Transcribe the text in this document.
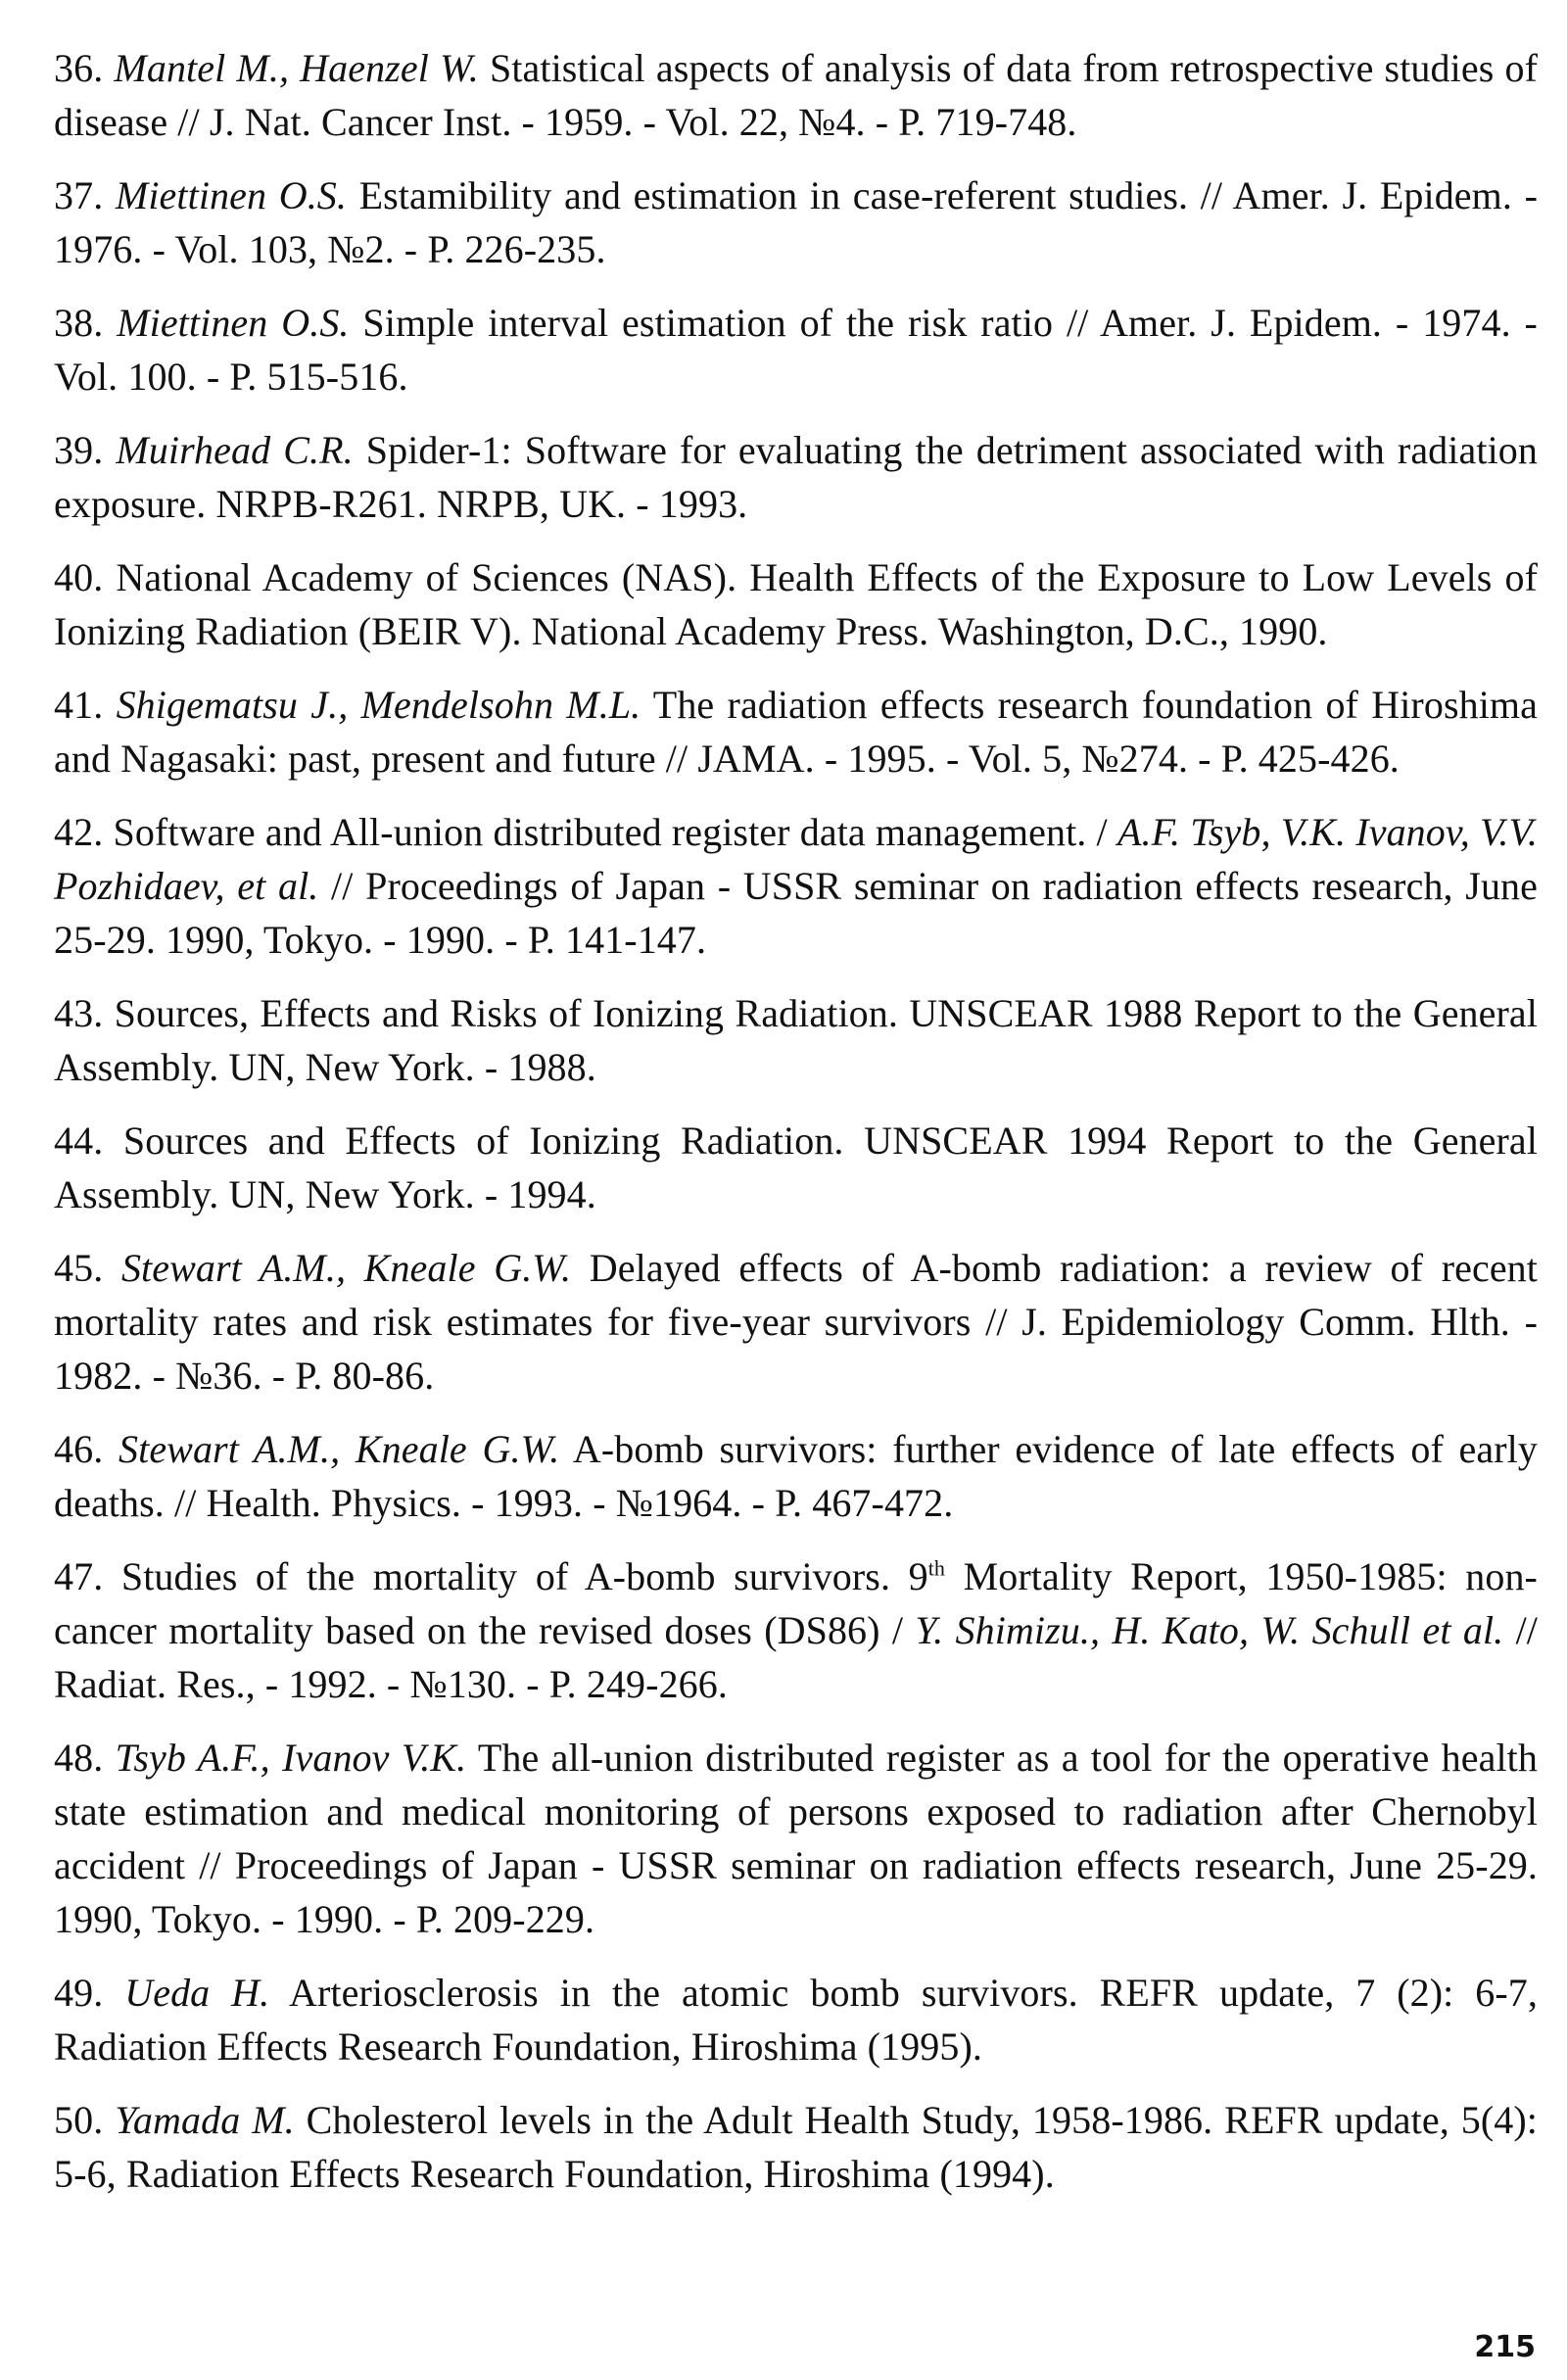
36. Mantel M., Haenzel W. Statistical aspects of analysis of data from retrospective studies of disease // J. Nat. Cancer Inst. - 1959. - Vol. 22, №4. - P. 719-748.

37. Miettinen O.S. Estamibility and estimation in case-referent studies. // Amer. J. Epidem. - 1976. - Vol. 103, №2. - P. 226-235.

38. Miettinen O.S. Simple interval estimation of the risk ratio // Amer. J. Epidem. - 1974. - Vol. 100. - P. 515-516.

39. Muirhead C.R. Spider-1: Software for evaluating the detriment associated with radiation exposure. NRPB-R261. NRPB, UK. - 1993.

40. National Academy of Sciences (NAS). Health Effects of the Exposure to Low Levels of Ionizing Radiation (BEIR V). National Academy Press. Washington, D.C., 1990.

41. Shigematsu J., Mendelsohn M.L. The radiation effects research foundation of Hiroshima and Nagasaki: past, present and future // JAMA. - 1995. - Vol. 5, №274. - P. 425-426.

42. Software and All-union distributed register data management. / A.F. Tsyb, V.K. Ivanov, V.V. Pozhidaev, et al. // Proceedings of Japan - USSR seminar on radiation effects research, June 25-29. 1990, Tokyo. - 1990. - P. 141-147.

43. Sources, Effects and Risks of Ionizing Radiation. UNSCEAR 1988 Report to the General Assembly. UN, New York. - 1988.

44. Sources and Effects of Ionizing Radiation. UNSCEAR 1994 Report to the General Assembly. UN, New York. - 1994.

45. Stewart A.M., Kneale G.W. Delayed effects of A-bomb radiation: a review of recent mortality rates and risk estimates for five-year survivors // J. Epidemiology Comm. Hlth. - 1982. - №36. - P. 80-86.

46. Stewart A.M., Kneale G.W. A-bomb survivors: further evidence of late effects of early deaths. // Health. Physics. - 1993. - №1964. - P. 467-472.

47. Studies of the mortality of A-bomb survivors. 9th Mortality Report, 1950-1985: non-cancer mortality based on the revised doses (DS86) / Y. Shimizu., H. Kato, W. Schull et al. // Radiat. Res., - 1992. - №130. - P. 249-266.

48. Tsyb A.F., Ivanov V.K. The all-union distributed register as a tool for the operative health state estimation and medical monitoring of persons exposed to radiation after Chernobyl accident // Proceedings of Japan - USSR seminar on radiation effects research, June 25-29. 1990, Tokyo. - 1990. - P. 209-229.

49. Ueda H. Arteriosclerosis in the atomic bomb survivors. REFR update, 7 (2): 6-7, Radiation Effects Research Foundation, Hiroshima (1995).

50. Yamada M. Cholesterol levels in the Adult Health Study, 1958-1986. REFR update, 5(4): 5-6, Radiation Effects Research Foundation, Hiroshima (1994).

215
